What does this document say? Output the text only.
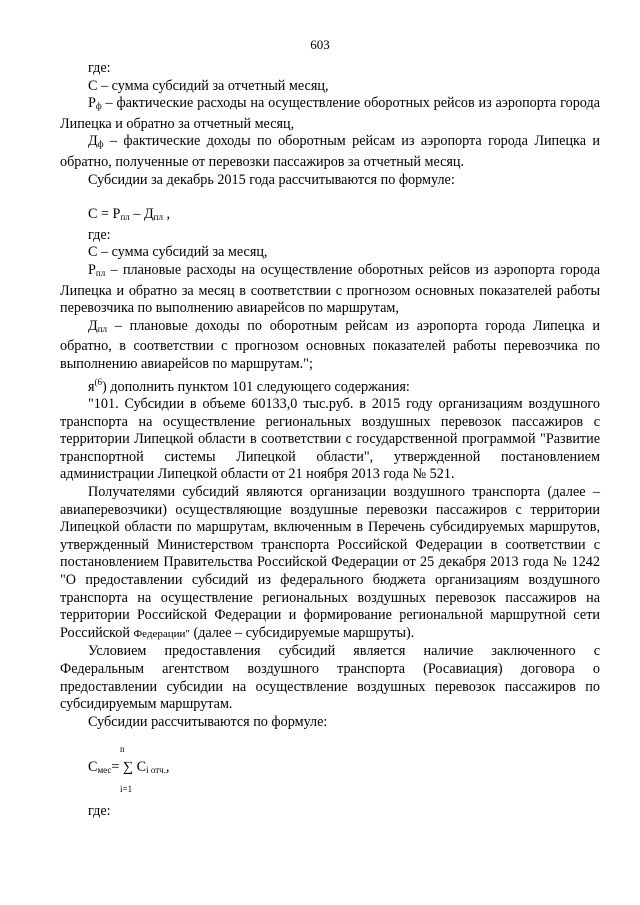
603

где:

С – сумма субсидий за отчетный месяц,

$Р_ф$ – фактические расходы на осуществление оборотных рейсов из аэропорта города Липецка и обратно за отчетный месяц,

$Д_ф$ – фактические доходы по оборотным рейсам из аэропорта города Липецка и обратно, полученные от перевозки пассажиров за отчетный месяц.

Субсидии за декабрь 2015 года рассчитываются по формуле:

$С = Р_{пл} - Д_{пл}$ ,

где:

С – сумма субсидий за месяц,

$Р_{пл}$ – плановые расходы на осуществление оборотных рейсов из аэропорта города Липецка и обратно за месяц в соответствии с прогнозом основных показателей работы перевозчика по выполнению авиарейсов по маршрутам,

$Д_{пл}$ – плановые доходы по оборотным рейсам из аэропорта города Липецка и обратно, в соответствии с прогнозом основных показателей работы перевозчика по выполнению авиарейсов по маршрутам.";

$я^{(6}$) дополнить пунктом 101 следующего содержания:

"101. Субсидии в объеме 60133,0 тыс.руб. в 2015 году организациям воздушного транспорта на осуществление региональных воздушных перевозок пассажиров с территории Липецкой области в соответствии с государственной программой "Развитие транспортной системы Липецкой области", утвержденной постановлением администрации Липецкой области от 21 ноября 2013 года № 521.

Получателями субсидий являются организации воздушного транспорта (далее – авиаперевозчики) осуществляющие воздушные перевозки пассажиров с территории Липецкой области по маршрутам, включенным в Перечень субсидируемых маршрутов, утвержденный Министерством транспорта Российской Федерации в соответствии с постановлением Правительства Российской Федерации от 25 декабря 2013 года № 1242 "О предоставлении субсидий из федерального бюджета организациям воздушного транспорта на осуществление региональных воздушных перевозок пассажиров на территории Российской Федерации и формирование региональной маршрутной сети Российской Федерации" (далее – субсидируемые маршруты).

Условием предоставления субсидий является наличие заключенного с Федеральным агентством воздушного транспорта (Росавиация) договора о предоставлении субсидии на осуществление воздушных перевозок пассажиров по субсидируемым маршрутам.

Субсидии рассчитываются по формуле:

n
$С_{мес}=$ ∑ $С_{i отч.}$,
i=1

где:
